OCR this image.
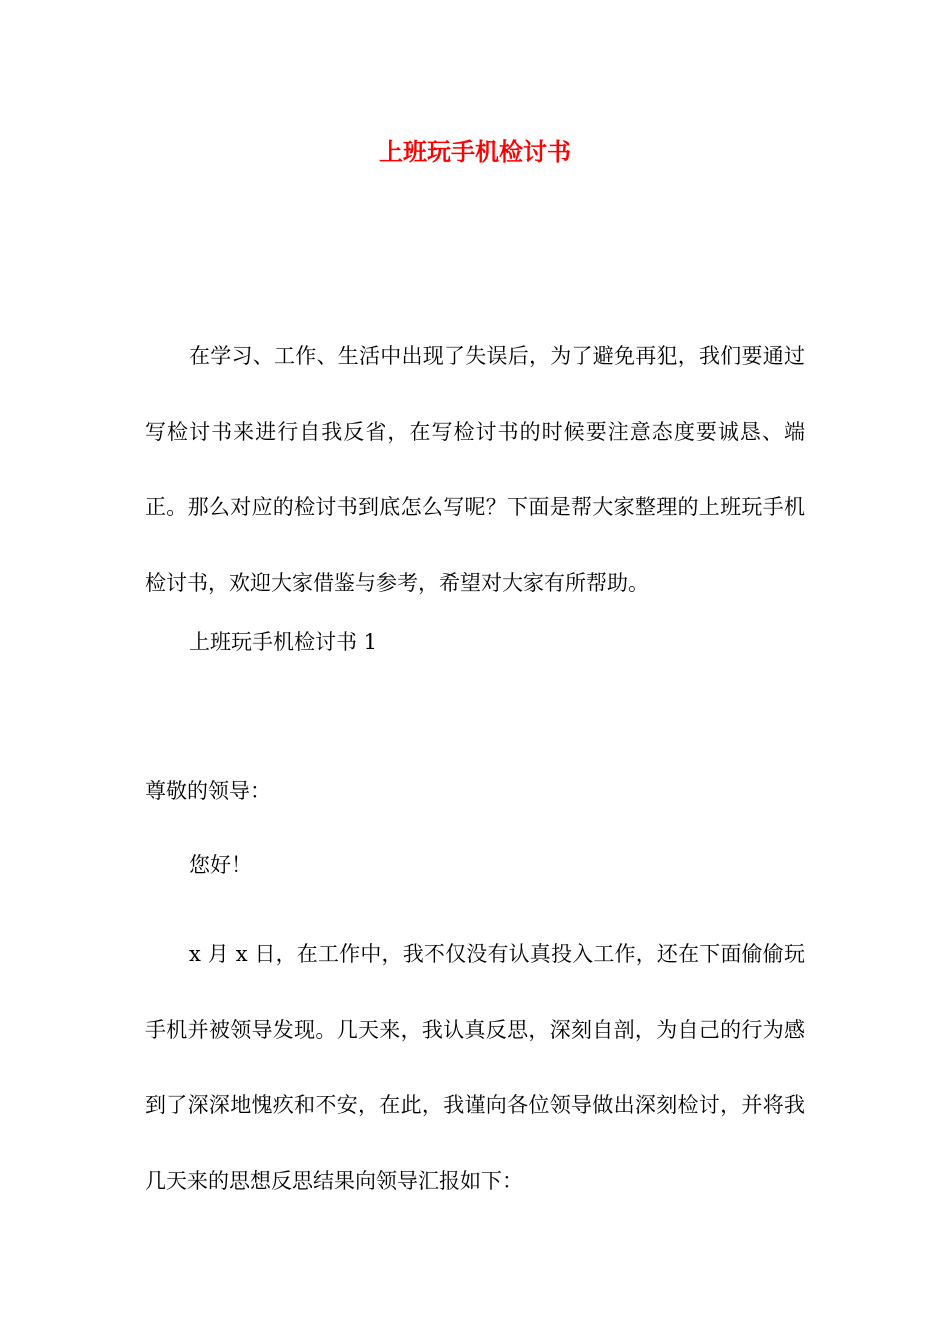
上班玩手机检讨书

在学习、工作、生活中出现了失误后，为了避免再犯，我们要通过写检讨书来进行自我反省，在写检讨书的时候要注意态度要诚恳、端正。那么对应的检讨书到底怎么写呢？下面是帮大家整理的上班玩手机检讨书，欢迎大家借鉴与参考，希望对大家有所帮助。

上班玩手机检讨书 1

尊敬的领导：

您好！

x 月 x 日，在工作中，我不仅没有认真投入工作，还在下面偷偷玩手机并被领导发现。几天来，我认真反思，深刻自剖，为自己的行为感到了深深地愧疚和不安，在此，我谨向各位领导做出深刻检讨，并将我几天来的思想反思结果向领导汇报如下：
